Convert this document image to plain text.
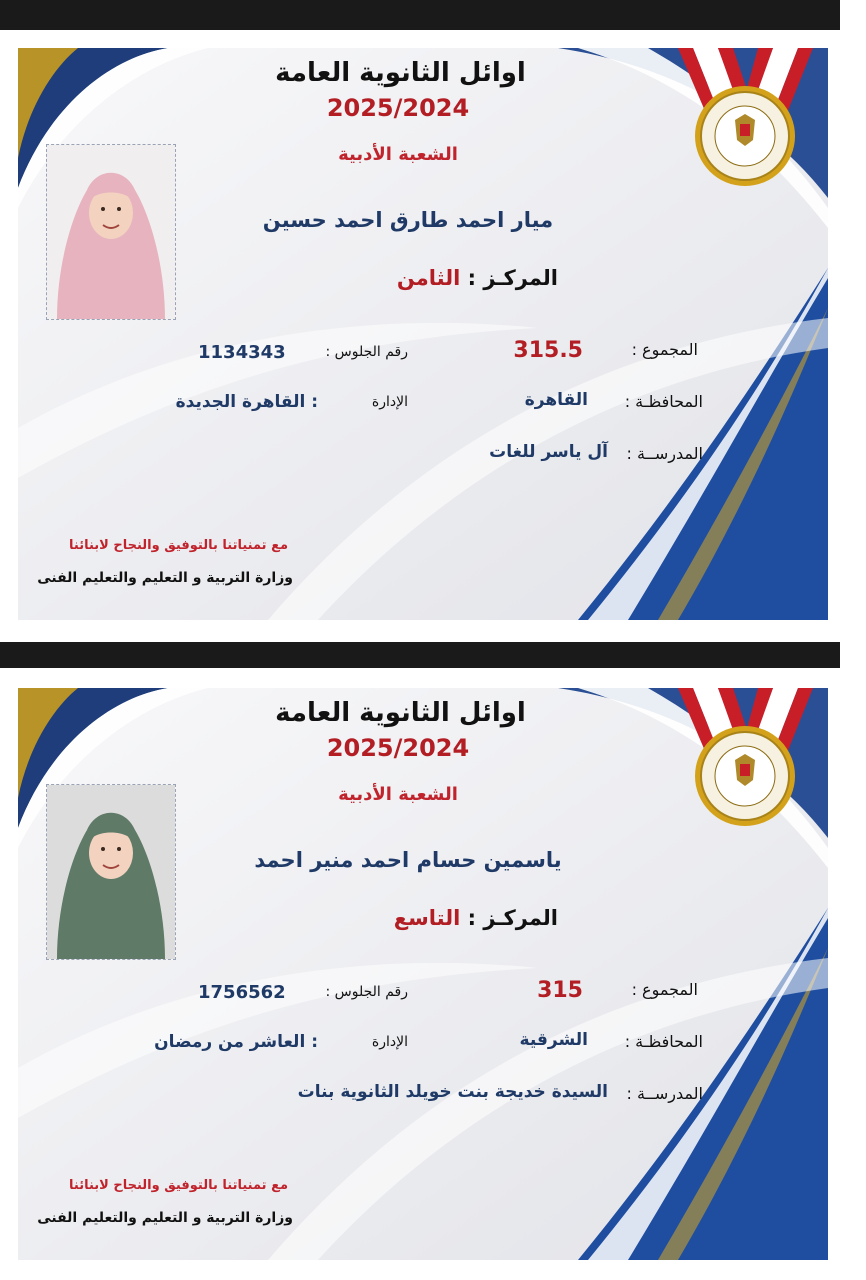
اوائل الثانوية العامة
2025/2024
الشعبة الأدبية
ميار احمد طارق احمد حسين
المركـز : الثامن
المجموع :
315.5
رقم الجلوس :
1134343
المحافظـة :
القاهرة
الإدارة
: القاهرة الجديدة
المدرســة :
آل ياسر للغات
مع تمنياتنا بالتوفيق والنجاح لابنائنا
وزارة التربية و التعليم والتعليم الفنى
اوائل الثانوية العامة
2025/2024
الشعبة الأدبية
ياسمين حسام احمد منير احمد
المركـز : التاسع
المجموع :
315
رقم الجلوس :
1756562
المحافظـة :
الشرقية
الإدارة
: العاشر من رمضان
المدرســة :
السيدة خديجة بنت خويلد الثانوية بنات
مع تمنياتنا بالتوفيق والنجاح لابنائنا
وزارة التربية و التعليم والتعليم الفنى
